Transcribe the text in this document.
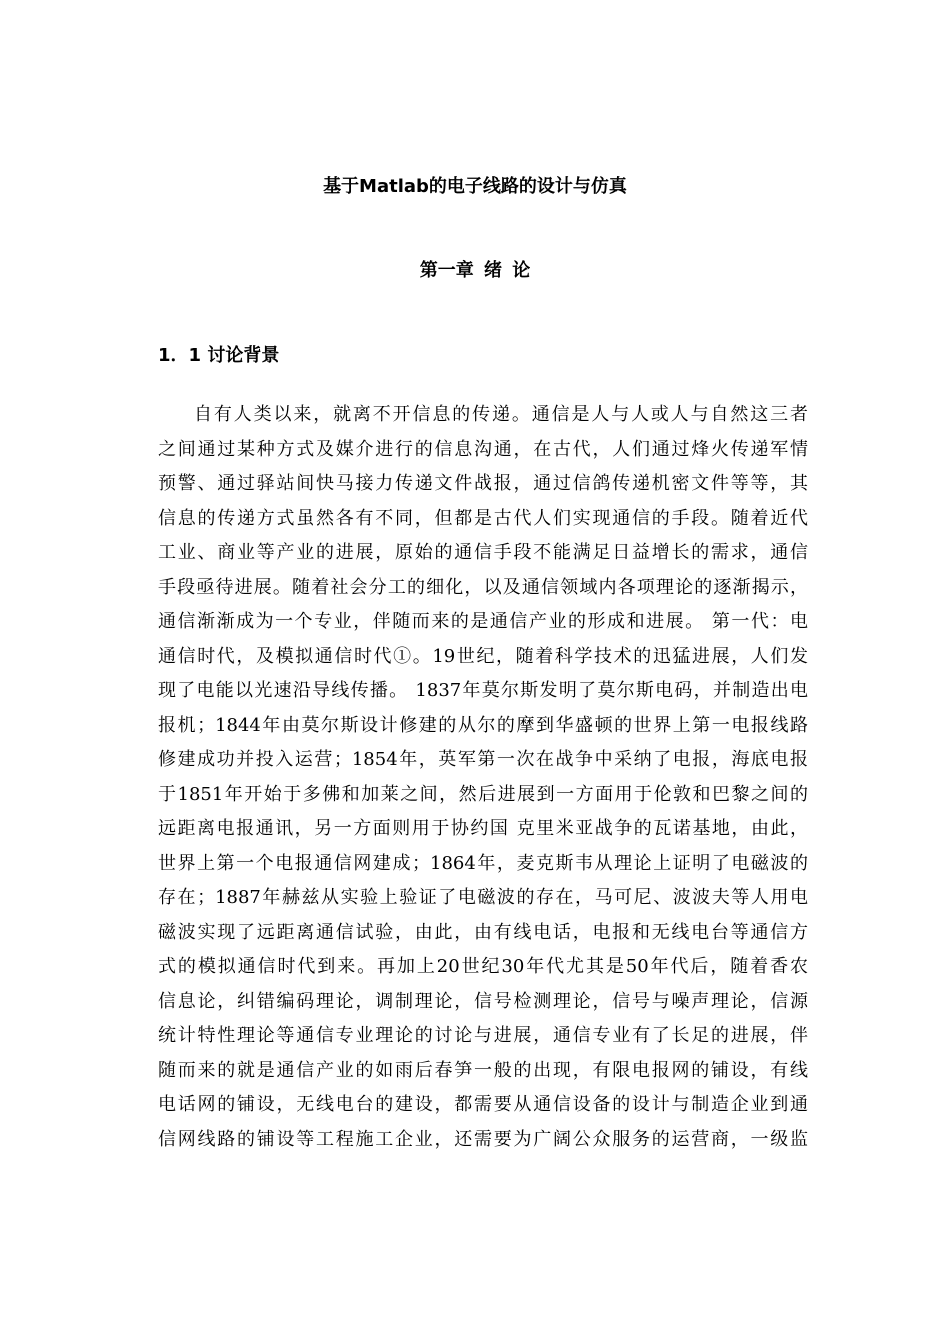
基于Matlab的电子线路的设计与仿真
第一章 绪 论
1．1 讨论背景
自有人类以来，就离不开信息的传递。通信是人与人或人与自然这三者
之间通过某种方式及媒介进行的信息沟通，在古代，人们通过烽火传递军情
预警、通过驿站间快马接力传递文件战报，通过信鸽传递机密文件等等，其
信息的传递方式虽然各有不同，但都是古代人们实现通信的手段。随着近代
工业、商业等产业的进展，原始的通信手段不能满足日益增长的需求，通信
手段亟待进展。随着社会分工的细化，以及通信领域内各项理论的逐渐揭示，
通信渐渐成为一个专业，伴随而来的是通信产业的形成和进展。 第一代：电
通信时代，及模拟通信时代①。19世纪，随着科学技术的迅猛进展，人们发
现了电能以光速沿导线传播。 1837年莫尔斯发明了莫尔斯电码，并制造出电
报机；1844年由莫尔斯设计修建的从尔的摩到华盛顿的世界上第一电报线路
修建成功并投入运营；1854年，英军第一次在战争中采纳了电报，海底电报
于1851年开始于多佛和加莱之间，然后进展到一方面用于伦敦和巴黎之间的
远距离电报通讯，另一方面则用于协约国 克里米亚战争的瓦诺基地，由此，
世界上第一个电报通信网建成；1864年，麦克斯韦从理论上证明了电磁波的
存在；1887年赫兹从实验上验证了电磁波的存在，马可尼、波波夫等人用电
磁波实现了远距离通信试验，由此，由有线电话，电报和无线电台等通信方
式的模拟通信时代到来。再加上20世纪30年代尤其是50年代后，随着香农
信息论，纠错编码理论，调制理论，信号检测理论，信号与噪声理论，信源
统计特性理论等通信专业理论的讨论与进展，通信专业有了长足的进展，伴
随而来的就是通信产业的如雨后春笋一般的出现，有限电报网的铺设，有线
电话网的铺设，无线电台的建设，都需要从通信设备的设计与制造企业到通
信网线路的铺设等工程施工企业，还需要为广阔公众服务的运营商，一级监
